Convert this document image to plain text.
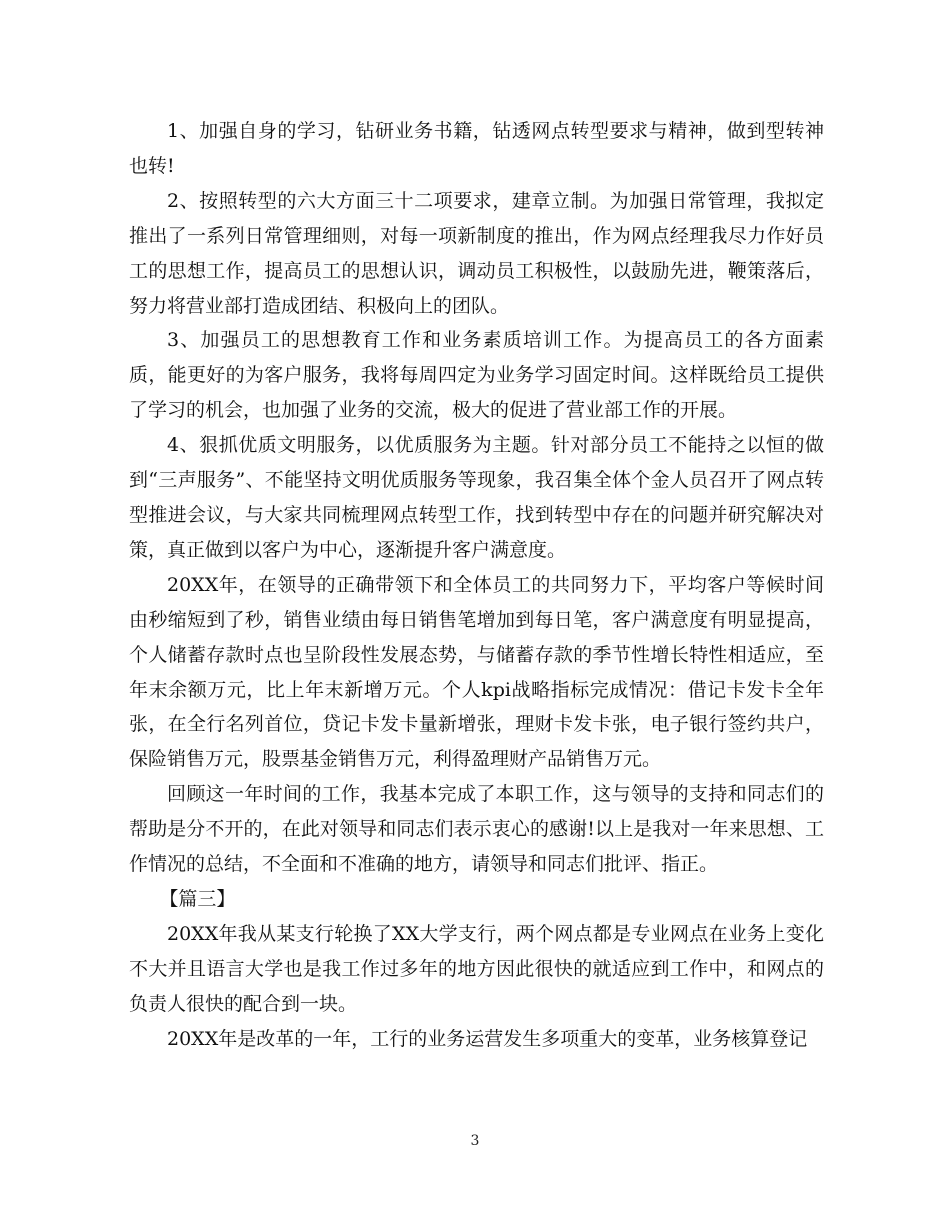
1、加强自身的学习，钻研业务书籍，钻透网点转型要求与精神，做到型转神也转!

2、按照转型的六大方面三十二项要求，建章立制。为加强日常管理，我拟定推出了一系列日常管理细则，对每一项新制度的推出，作为网点经理我尽力作好员工的思想工作，提高员工的思想认识，调动员工积极性，以鼓励先进，鞭策落后，努力将营业部打造成团结、积极向上的团队。

3、加强员工的思想教育工作和业务素质培训工作。为提高员工的各方面素质，能更好的为客户服务，我将每周四定为业务学习固定时间。这样既给员工提供了学习的机会，也加强了业务的交流，极大的促进了营业部工作的开展。

4、狠抓优质文明服务，以优质服务为主题。针对部分员工不能持之以恒的做到“三声服务”、不能坚持文明优质服务等现象，我召集全体个金人员召开了网点转型推进会议，与大家共同梳理网点转型工作，找到转型中存在的问题并研究解决对策，真正做到以客户为中心，逐渐提升客户满意度。

20XX年，在领导的正确带领下和全体员工的共同努力下，平均客户等候时间由秒缩短到了秒，销售业绩由每日销售笔增加到每日笔，客户满意度有明显提高，个人储蓄存款时点也呈阶段性发展态势，与储蓄存款的季节性增长特性相适应，至年末余额万元，比上年末新增万元。个人kpi战略指标完成情况：借记卡发卡全年张，在全行名列首位，贷记卡发卡量新增张，理财卡发卡张，电子银行签约共户，保险销售万元，股票基金销售万元，利得盈理财产品销售万元。

回顾这一年时间的工作，我基本完成了本职工作，这与领导的支持和同志们的帮助是分不开的，在此对领导和同志们表示衷心的感谢!以上是我对一年来思想、工作情况的总结，不全面和不准确的地方，请领导和同志们批评、指正。

【篇三】

20XX年我从某支行轮换了XX大学支行，两个网点都是专业网点在业务上变化不大并且语言大学也是我工作过多年的地方因此很快的就适应到工作中，和网点的负责人很快的配合到一块。

20XX年是改革的一年，工行的业务运营发生多项重大的变革，业务核算登记

3
